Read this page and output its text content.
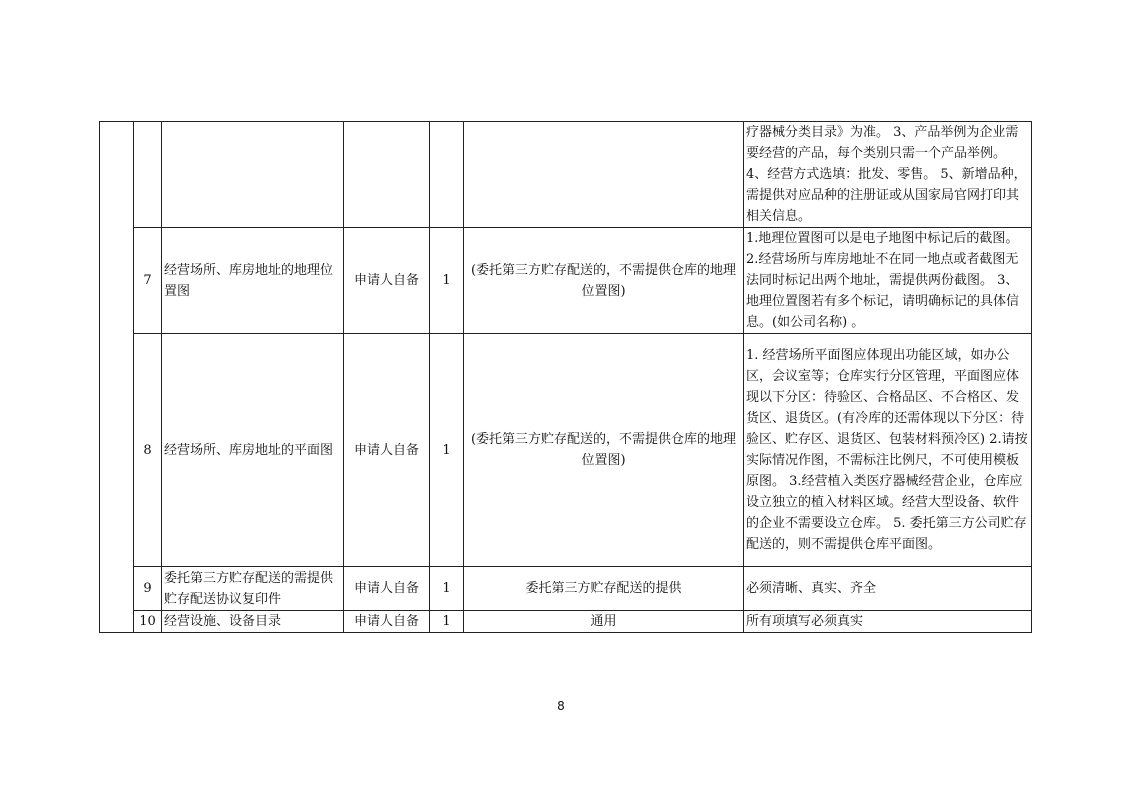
						疗器械分类目录》为准。 3、产品举例为企业需要经营的产品，每个类别只需一个产品举例。 4、经营方式选填：批发、零售。 5、新增品种，需提供对应品种的注册证或从国家局官网打印其相关信息。
	7	经营场所、库房地址的地理位置图	申请人自备	1	(委托第三方贮存配送的，不需提供仓库的地理位置图)	1.地理位置图可以是电子地图中标记后的截图。 2.经营场所与库房地址不在同一地点或者截图无法同时标记出两个地址，需提供两份截图。 3、地理位置图若有多个标记，请明确标记的具体信息。(如公司名称) 。
	8	经营场所、库房地址的平面图	申请人自备	1	(委托第三方贮存配送的，不需提供仓库的地理位置图)	1. 经营场所平面图应体现出功能区域，如办公区，会议室等；仓库实行分区管理，平面图应体现以下分区：待验区、合格品区、不合格区、发货区、退货区。(有冷库的还需体现以下分区：待验区、贮存区、退货区、包装材料预冷区) 2.请按实际情况作图，不需标注比例尺，不可使用模板原图。 3.经营植入类医疗器械经营企业，仓库应设立独立的植入材料区域。经营大型设备、软件的企业不需要设立仓库。 5. 委托第三方公司贮存配送的，则不需提供仓库平面图。
	9	委托第三方贮存配送的需提供贮存配送协议复印件	申请人自备	1	委托第三方贮存配送的提供	必须清晰、真实、齐全
	10	经营设施、设备目录	申请人自备	1	通用	所有项填写必须真实
8
